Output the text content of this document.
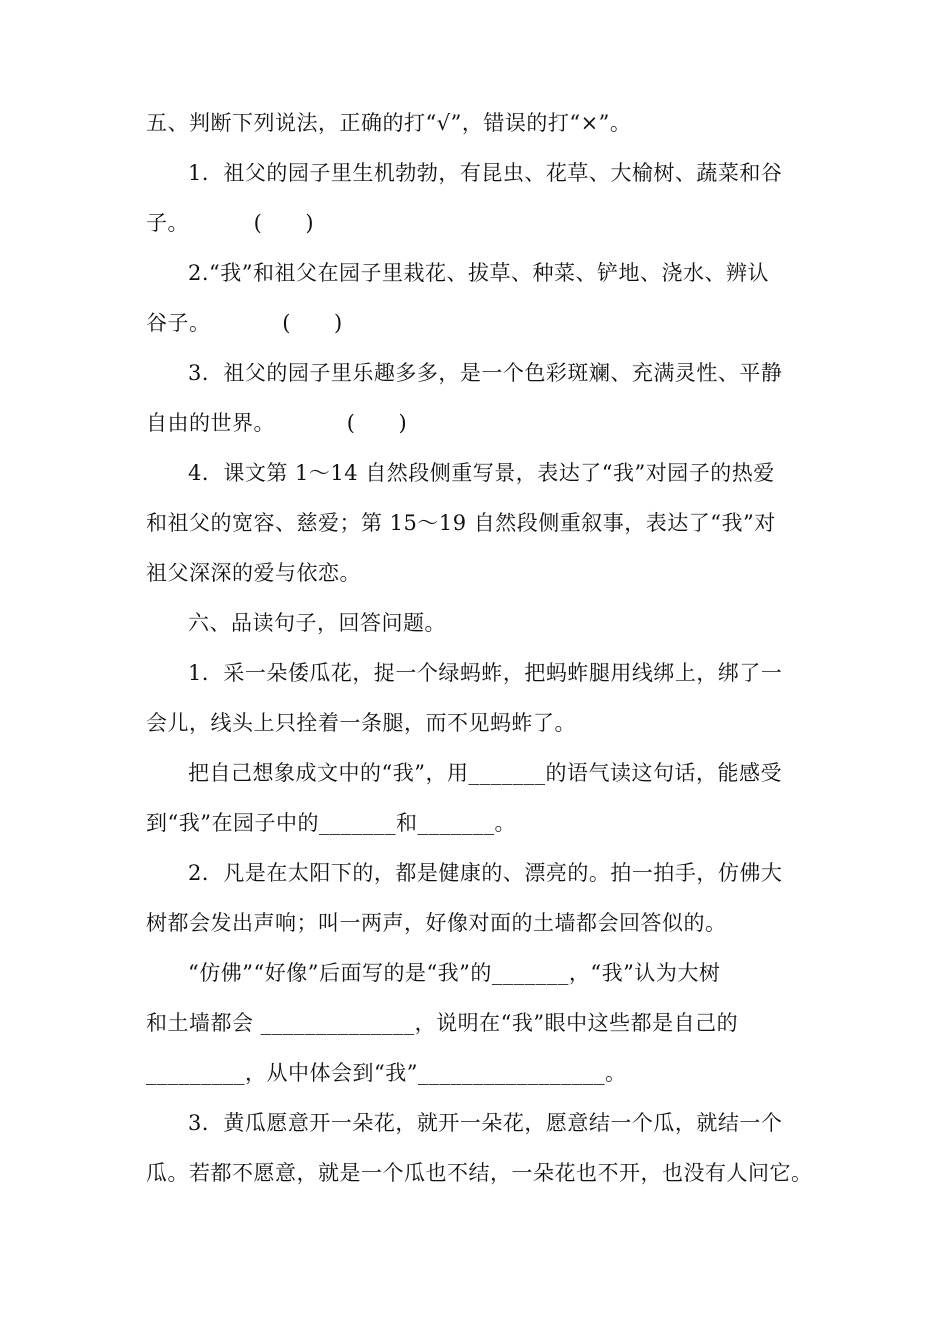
五、判断下列说法，正确的打“√”，错误的打“×”。
1．祖父的园子里生机勃勃，有昆虫、花草、大榆树、蔬菜和谷
子。         (      )
2.“我”和祖父在园子里栽花、拔草、种菜、铲地、浇水、辨认
谷子。          (      )
3．祖父的园子里乐趣多多，是一个色彩斑斓、充满灵性、平静
自由的世界。          (      )
4．课文第 1～14 自然段侧重写景，表达了“我”对园子的热爱
和祖父的宽容、慈爱；第 15～19 自然段侧重叙事，表达了“我”对
祖父深深的爱与依恋。
六、品读句子，回答问题。
1．采一朵倭瓜花，捉一个绿蚂蚱，把蚂蚱腿用线绑上，绑了一
会儿，线头上只拴着一条腿，而不见蚂蚱了。
把自己想象成文中的“我”，用_______的语气读这句话，能感受
到“我”在园子中的_______和_______。
2．凡是在太阳下的，都是健康的、漂亮的。拍一拍手，仿佛大
树都会发出声响；叫一两声，好像对面的土墙都会回答似的。
“仿佛”“好像”后面写的是“我”的_______，“我”认为大树
和土墙都会 ______________，说明在“我”眼中这些都是自己的
_________，从中体会到“我”_________________。
3．黄瓜愿意开一朵花，就开一朵花，愿意结一个瓜，就结一个
瓜。若都不愿意，就是一个瓜也不结，一朵花也不开，也没有人问它。
